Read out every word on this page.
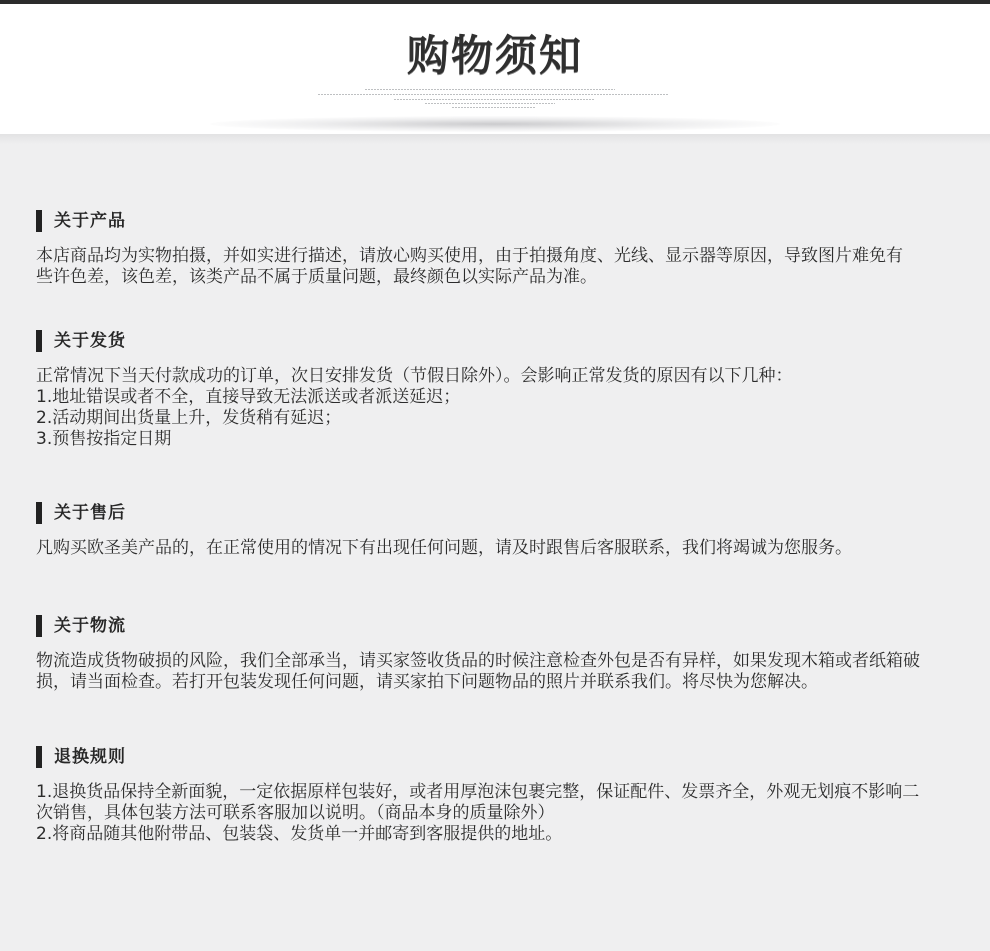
购物须知
关于产品
本店商品均为实物拍摄，并如实进行描述，请放心购买使用，由于拍摄角度、光线、显示器等原因，导致图片难免有
些许色差，该色差，该类产品不属于质量问题，最终颜色以实际产品为准。
关于发货
正常情况下当天付款成功的订单，次日安排发货（节假日除外）。会影响正常发货的原因有以下几种：
1.地址错误或者不全，直接导致无法派送或者派送延迟；
2.活动期间出货量上升，发货稍有延迟；
3.预售按指定日期
关于售后
凡购买欧圣美产品的，在正常使用的情况下有出现任何问题，请及时跟售后客服联系，我们将竭诚为您服务。
关于物流
物流造成货物破损的风险，我们全部承当，请买家签收货品的时候注意检查外包是否有异样，如果发现木箱或者纸箱破
损，请当面检查。若打开包装发现任何问题，请买家拍下问题物品的照片并联系我们。将尽快为您解决。
退换规则
1.退换货品保持全新面貌，一定依据原样包装好，或者用厚泡沫包裹完整，保证配件、发票齐全，外观无划痕不影响二
次销售，具体包装方法可联系客服加以说明。（商品本身的质量除外）
2.将商品随其他附带品、包装袋、发货单一并邮寄到客服提供的地址。
